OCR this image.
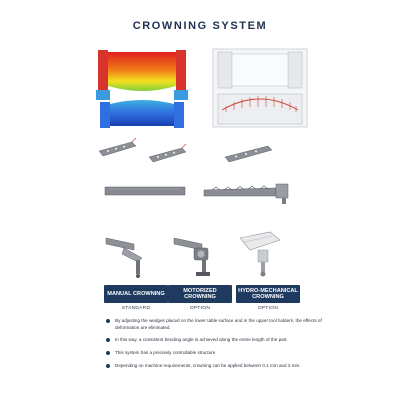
CROWNING SYSTEM
MANUAL CROWNING
MOTORIZED CROWNING
HYDRO-MECHANICAL CROWNING
STANDARD	OPTION	OPTION
By adjusting the wedges placed on the lower table surface and in the upper tool holders, the effects of deformation are eliminated.
In this way, a consistent bending angle is achieved along the entire length of the part.
This system has a precisely controllable structure.
Depending on machine requirements, crowning can be applied between 0.1 mm and 3 mm.
